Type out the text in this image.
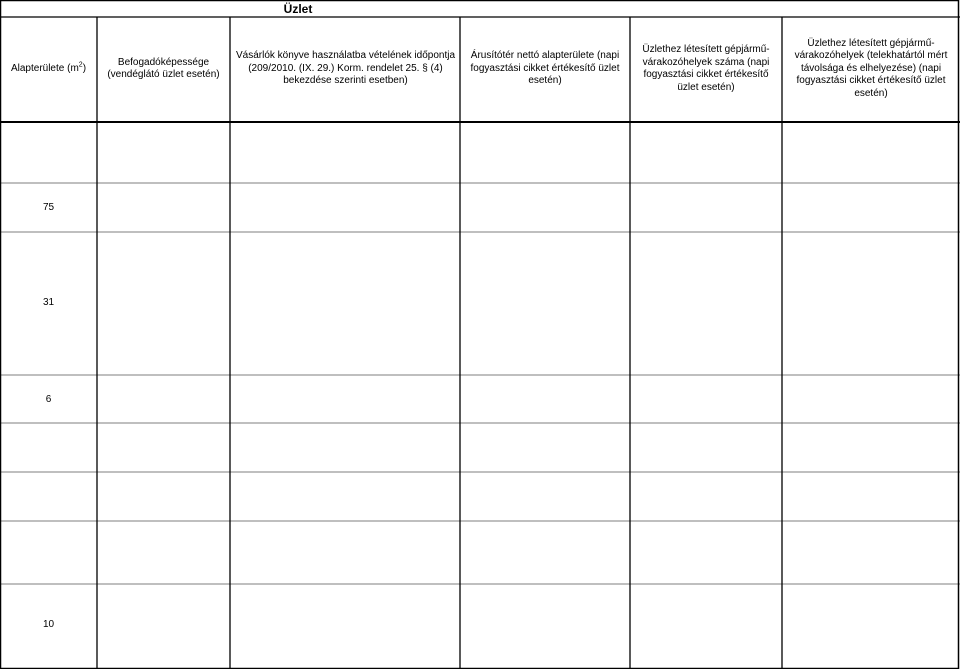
Üzlet
Alapterülete $(m^2)$
Befogadóképessége (vendéglátó üzlet esetén)
Vásárlók könyve használatba vételének időpontja (209/2010. (IX. 29.) Korm. rendelet 25. § (4) bekezdése szerinti esetben)
Árusítótér nettó alapterülete (napi fogyasztási cikket értékesítő üzlet esetén)
Üzlethez létesített gépjármű-várakozóhelyek száma (napi fogyasztási cikket értékesítő üzlet esetén)
Üzlethez létesített gépjármű-várakozóhelyek (telekhatártól mért távolsága és elhelyezése) (napi fogyasztási cikket értékesítő üzlet esetén)
75
31
6
10
